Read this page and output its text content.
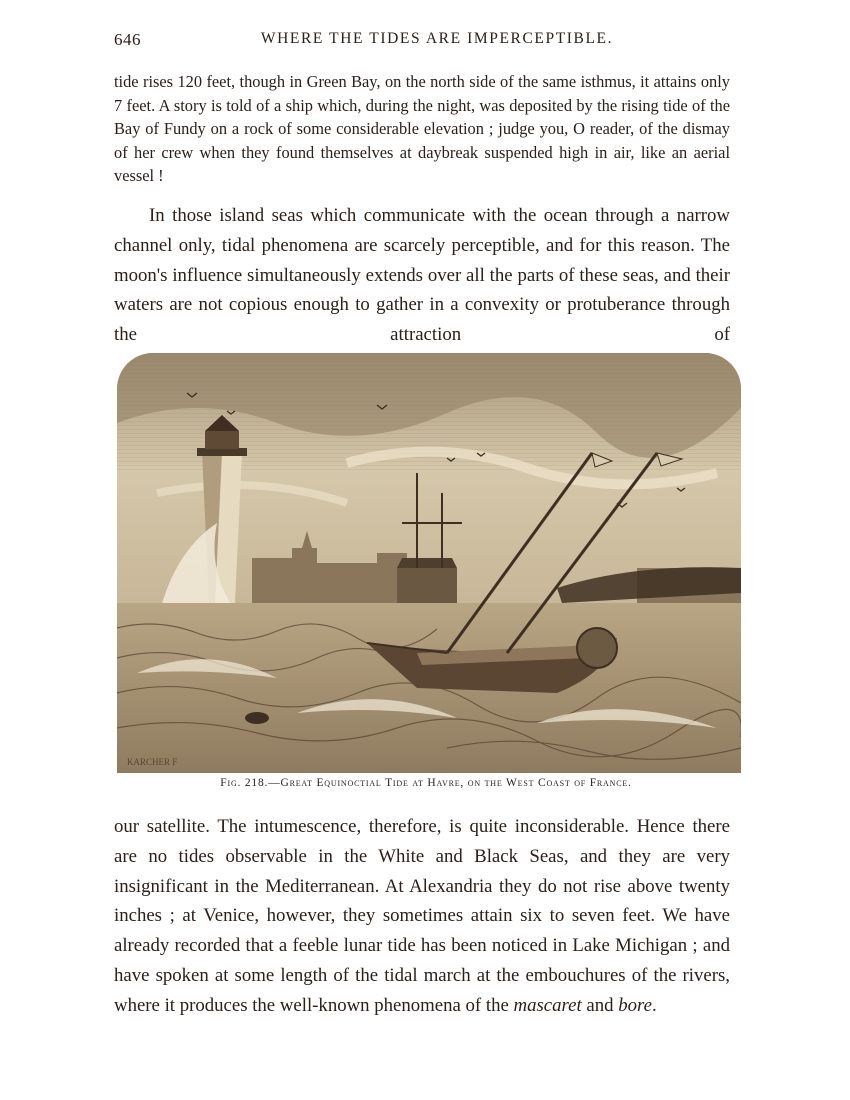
646	WHERE THE TIDES ARE IMPERCEPTIBLE.

tide rises 120 feet, though in Green Bay, on the north side of the same isthmus, it attains only 7 feet. A story is told of a ship which, during the night, was deposited by the rising tide of the Bay of Fundy on a rock of some considerable elevation ; judge you, O reader, of the dismay of her crew when they found themselves at daybreak suspended high in air, like an aerial vessel !

In those island seas which communicate with the ocean through a narrow channel only, tidal phenomena are scarcely perceptible, and for this reason. The moon's influence simultaneously extends over all the parts of these seas, and their waters are not copious enough to gather in a convexity or protuberance through the attraction of

KARCHER F
Fig. 218.—Great Equinoctial Tide at Havre, on the West Coast of France.

our satellite. The intumescence, therefore, is quite inconsiderable. Hence there are no tides observable in the White and Black Seas, and they are very insignificant in the Mediterranean. At Alexandria they do not rise above twenty inches ; at Venice, however, they sometimes attain six to seven feet. We have already recorded that a feeble lunar tide has been noticed in Lake Michigan ; and have spoken at some length of the tidal march at the embouchures of the rivers, where it produces the well-known phenomena of the mascaret and bore.
